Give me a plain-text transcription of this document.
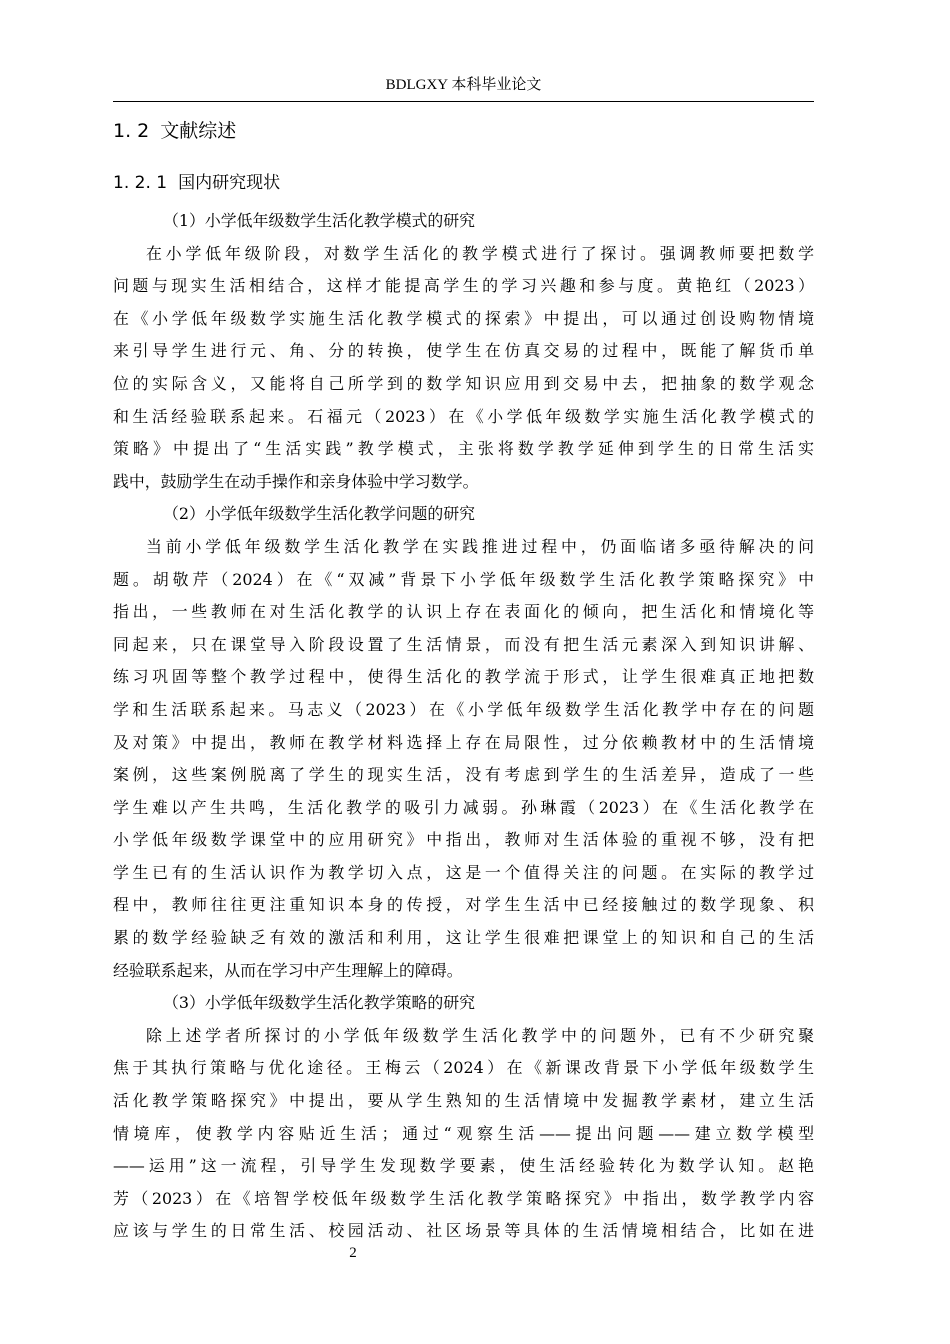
BDLGXY 本科毕业论文
1. 2 文献综述
1. 2. 1 国内研究现状
（1）小学低年级数学生活化教学模式的研究
在小学低年级阶段，对数学生活化的教学模式进行了探讨。强调教师要把数学
问题与现实生活相结合，这样才能提高学生的学习兴趣和参与度。黄艳红（2023）
在《小学低年级数学实施生活化教学模式的探索》中提出，可以通过创设购物情境
来引导学生进行元、角、分的转换，使学生在仿真交易的过程中，既能了解货币单
位的实际含义，又能将自己所学到的数学知识应用到交易中去，把抽象的数学观念
和生活经验联系起来。石福元（2023）在《小学低年级数学实施生活化教学模式的
策略》中提出了“生活实践”教学模式，主张将数学教学延伸到学生的日常生活实
践中，鼓励学生在动手操作和亲身体验中学习数学。
（2）小学低年级数学生活化教学问题的研究
当前小学低年级数学生活化教学在实践推进过程中，仍面临诸多亟待解决的问
题。胡敬芹（2024）在《“双减”背景下小学低年级数学生活化教学策略探究》中
指出，一些教师在对生活化教学的认识上存在表面化的倾向，把生活化和情境化等
同起来，只在课堂导入阶段设置了生活情景，而没有把生活元素深入到知识讲解、
练习巩固等整个教学过程中，使得生活化的教学流于形式，让学生很难真正地把数
学和生活联系起来。马志义（2023）在《小学低年级数学生活化教学中存在的问题
及对策》中提出，教师在教学材料选择上存在局限性，过分依赖教材中的生活情境
案例，这些案例脱离了学生的现实生活，没有考虑到学生的生活差异，造成了一些
学生难以产生共鸣，生活化教学的吸引力减弱。孙琳霞（2023）在《生活化教学在
小学低年级数学课堂中的应用研究》中指出，教师对生活体验的重视不够，没有把
学生已有的生活认识作为教学切入点，这是一个值得关注的问题。在实际的教学过
程中，教师往往更注重知识本身的传授，对学生生活中已经接触过的数学现象、积
累的数学经验缺乏有效的激活和利用，这让学生很难把课堂上的知识和自己的生活
经验联系起来，从而在学习中产生理解上的障碍。
（3）小学低年级数学生活化教学策略的研究
除上述学者所探讨的小学低年级数学生活化教学中的问题外，已有不少研究聚
焦于其执行策略与优化途径。王梅云（2024）在《新课改背景下小学低年级数学生
活化教学策略探究》中提出，要从学生熟知的生活情境中发掘教学素材，建立生活
情境库，使教学内容贴近生活；通过“观察生活——提出问题——建立数学模型
——运用”这一流程，引导学生发现数学要素，使生活经验转化为数学认知。赵艳
芳（2023）在《培智学校低年级数学生活化教学策略探究》中指出，数学教学内容
应该与学生的日常生活、校园活动、社区场景等具体的生活情境相结合，比如在进
2
